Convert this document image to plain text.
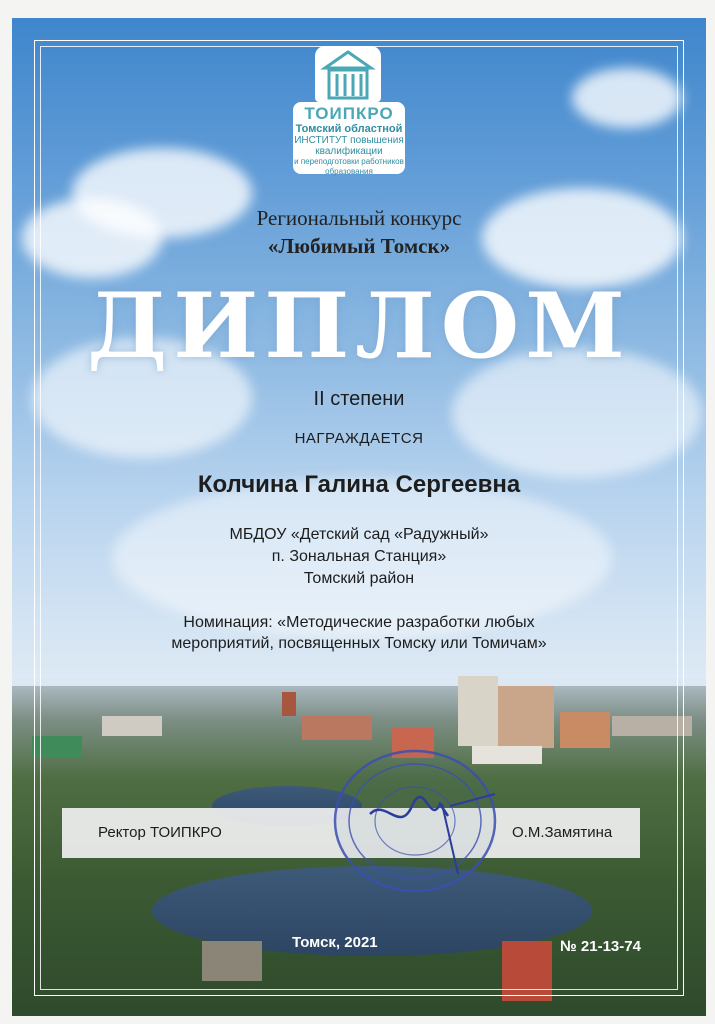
ТОИПКРО
Томский областной
ИНСТИТУТ повышения квалификации
и переподготовки работников образования
Региональный конкурс
«Любимый Томск»
ДИПЛОМ
II степени
НАГРАЖДАЕТСЯ
Колчина Галина Сергеевна
МБДОУ «Детский сад «Радужный»
п. Зональная Станция»
Томский район
Номинация: «Методические разработки любых
мероприятий, посвященных Томску или Томичам»
Ректор ТОИПКРО	О.М.Замятина
Томск, 2021	№ 21-13-74
